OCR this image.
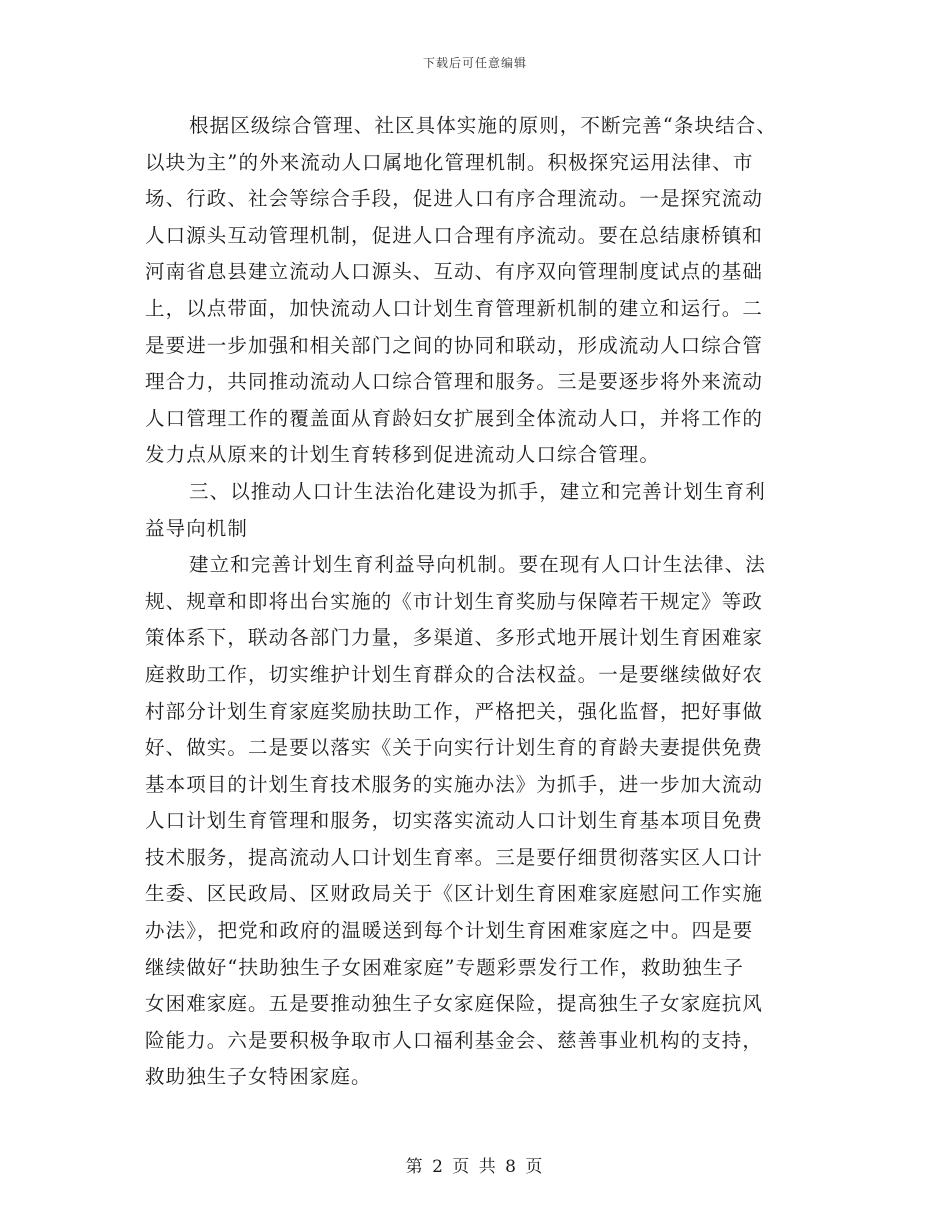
下载后可任意编辑
根据区级综合管理、社区具体实施的原则，不断完善“条块结合、
以块为主”的外来流动人口属地化管理机制。积极探究运用法律、市
场、行政、社会等综合手段，促进人口有序合理流动。一是探究流动
人口源头互动管理机制，促进人口合理有序流动。要在总结康桥镇和
河南省息县建立流动人口源头、互动、有序双向管理制度试点的基础
上，以点带面，加快流动人口计划生育管理新机制的建立和运行。二
是要进一步加强和相关部门之间的协同和联动，形成流动人口综合管
理合力，共同推动流动人口综合管理和服务。三是要逐步将外来流动
人口管理工作的覆盖面从育龄妇女扩展到全体流动人口，并将工作的
发力点从原来的计划生育转移到促进流动人口综合管理。
三、以推动人口计生法治化建设为抓手，建立和完善计划生育利
益导向机制
建立和完善计划生育利益导向机制。要在现有人口计生法律、法
规、规章和即将出台实施的《市计划生育奖励与保障若干规定》等政
策体系下，联动各部门力量，多渠道、多形式地开展计划生育困难家
庭救助工作，切实维护计划生育群众的合法权益。一是要继续做好农
村部分计划生育家庭奖励扶助工作，严格把关，强化监督，把好事做
好、做实。二是要以落实《关于向实行计划生育的育龄夫妻提供免费
基本项目的计划生育技术服务的实施办法》为抓手，进一步加大流动
人口计划生育管理和服务，切实落实流动人口计划生育基本项目免费
技术服务，提高流动人口计划生育率。三是要仔细贯彻落实区人口计
生委、区民政局、区财政局关于《区计划生育困难家庭慰问工作实施
办法》，把党和政府的温暖送到每个计划生育困难家庭之中。四是要
继续做好“扶助独生子女困难家庭”专题彩票发行工作，救助独生子
女困难家庭。五是要推动独生子女家庭保险，提高独生子女家庭抗风
险能力。六是要积极争取市人口福利基金会、慈善事业机构的支持，
救助独生子女特困家庭。
第 2 页 共 8 页
